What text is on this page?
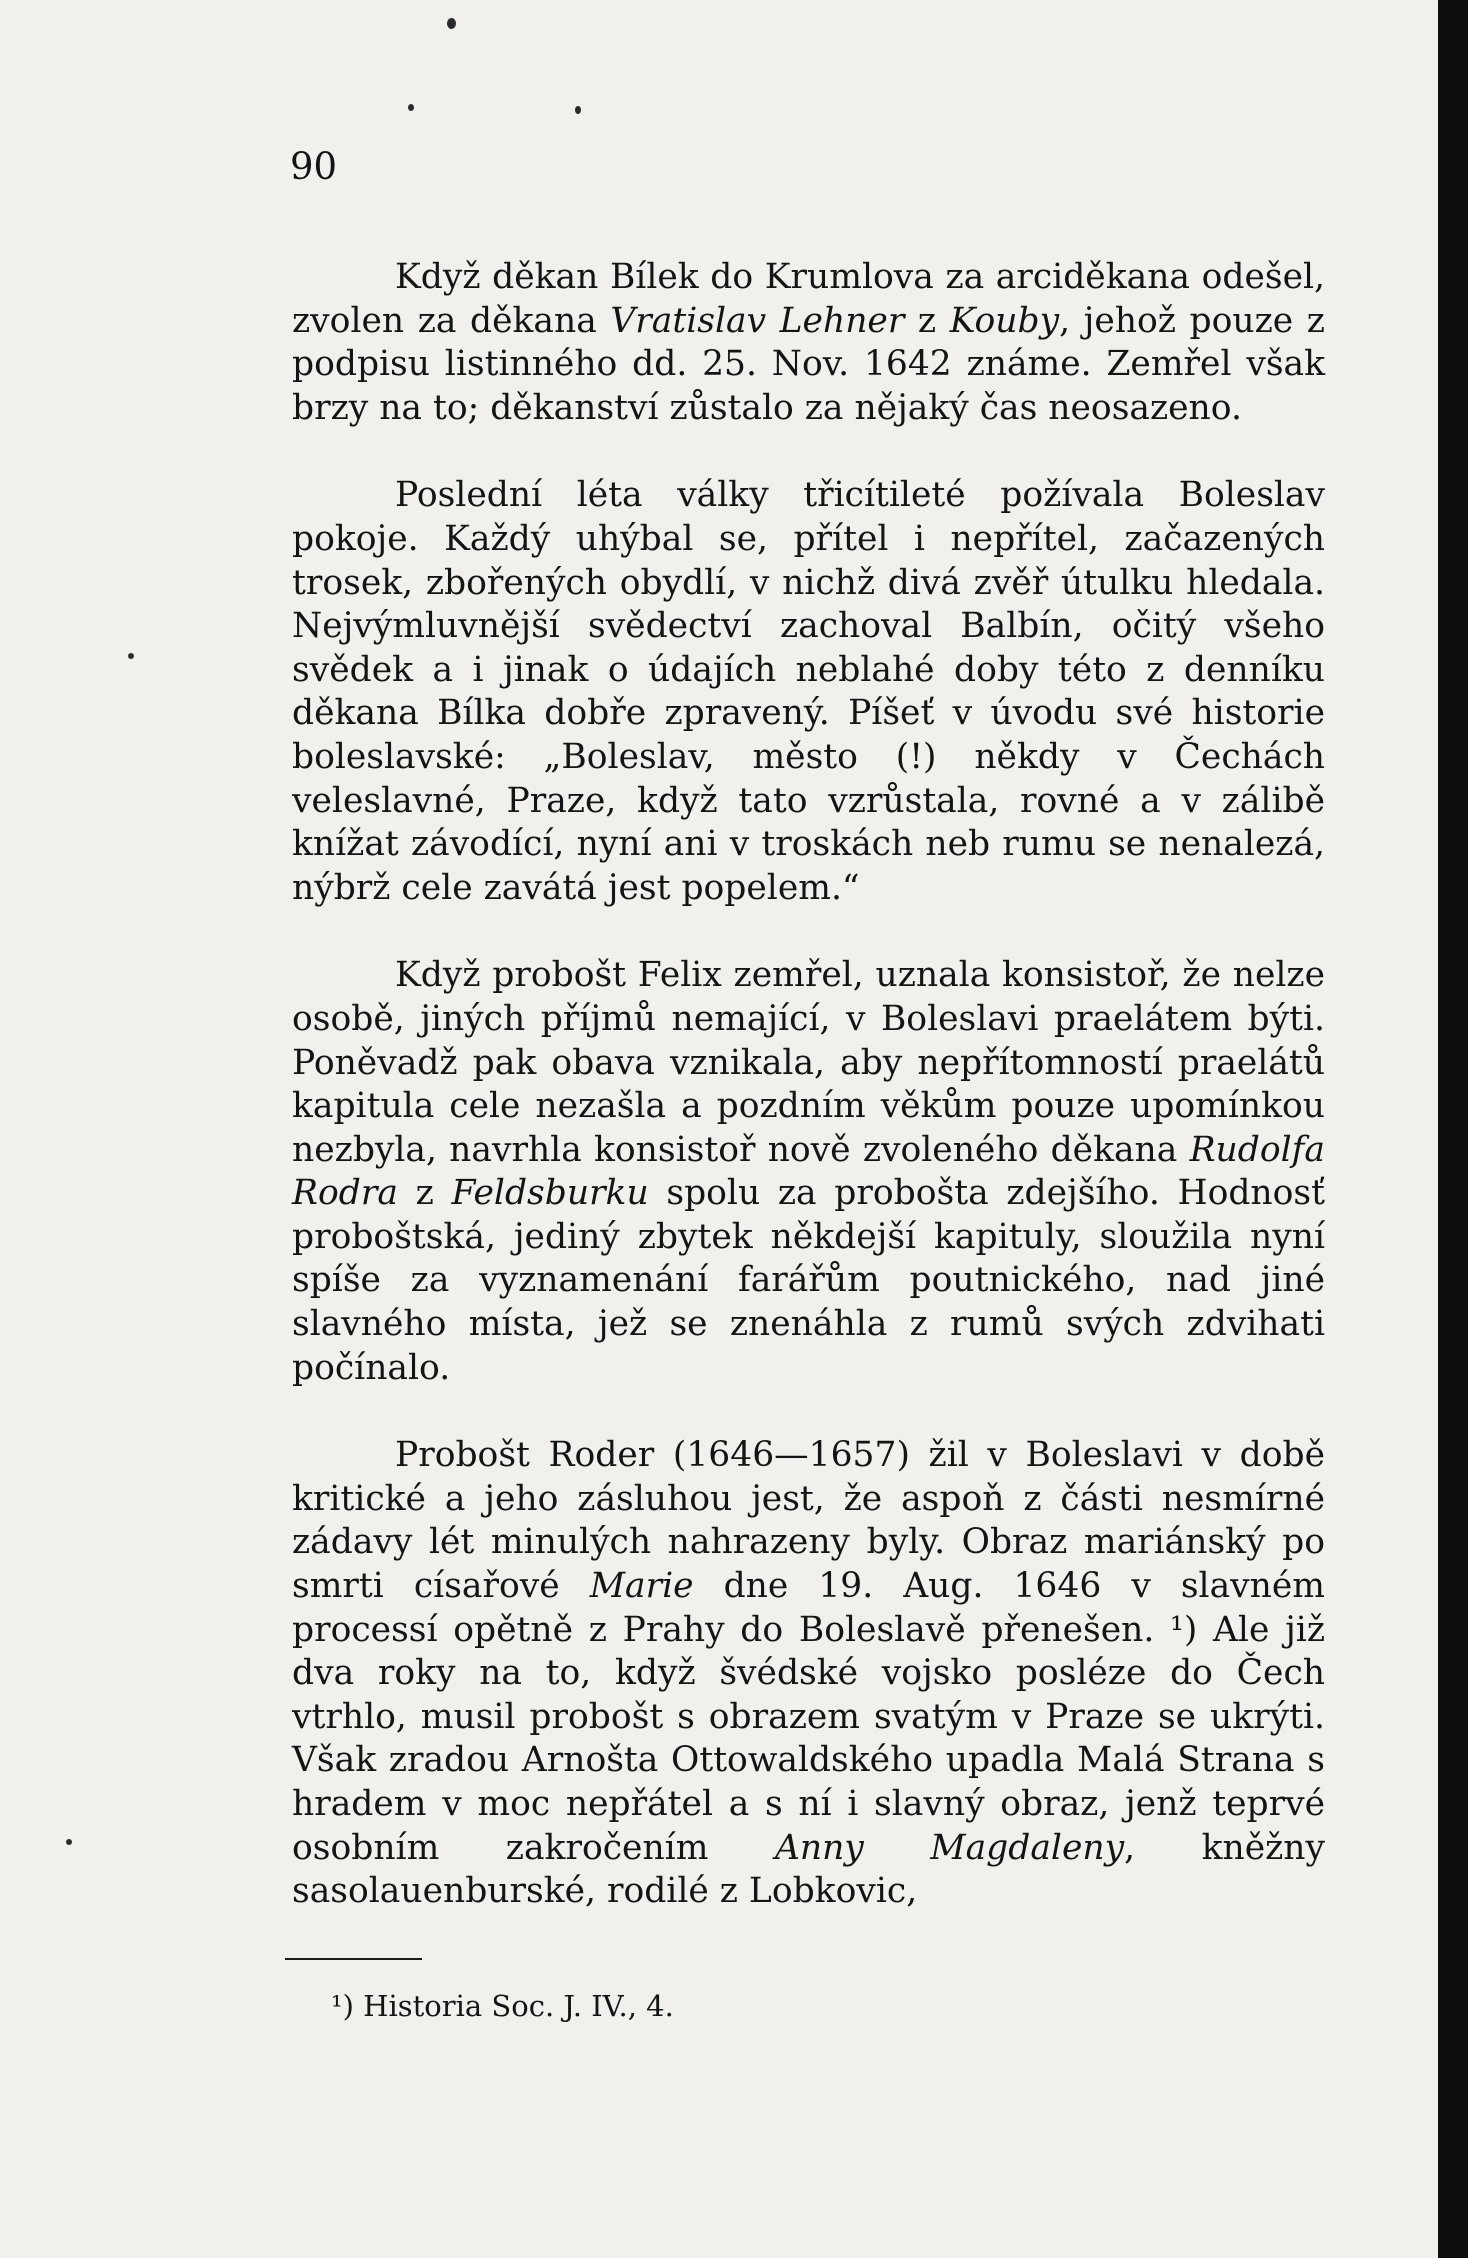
90

Když děkan Bílek do Krumlova za arciděkana odešel, zvolen za děkana Vratislav Lehner z Kouby, jehož pouze z podpisu listinného dd. 25. Nov. 1642 známe. Zemřel však brzy na to; děkanství zůstalo za nějaký čas neosazeno.

Poslední léta války třicítileté požívala Boleslav pokoje. Každý uhýbal se, přítel i nepřítel, začazených trosek, zbořených obydlí, v nichž divá zvěř útulku hledala. Nejvýmluvnější svědectví zachoval Balbín, očitý všeho svědek a i jinak o údajích neblahé doby této z denníku děkana Bílka dobře zpravený. Píšeť v úvodu své historie boleslavské: „Boleslav, město (!) někdy v Čechách veleslavné, Praze, když tato vzrůstala, rovné a v zálibě knížat závodící, nyní ani v troskách neb rumu se nenalezá, nýbrž cele zavátá jest popelem.“

Když probošt Felix zemřel, uznala konsistoř, že nelze osobě, jiných příjmů nemající, v Boleslavi praelátem býti. Poněvadž pak obava vznikala, aby nepřítomností praelátů kapitula cele nezašla a pozdním věkům pouze upomínkou nezbyla, navrhla konsistoř nově zvoleného děkana Rudolfa Rodra z Feldsburku spolu za probošta zdejšího. Hodnosť proboštská, jediný zbytek někdejší kapituly, sloužila nyní spíše za vyznamenání farářům poutnického, nad jiné slavného místa, jež se znenáhla z rumů svých zdvihati počínalo.

Probošt Roder (1646—1657) žil v Boleslavi v době kritické a jeho zásluhou jest, že aspoň z části nesmírné zádavy lét minulých nahrazeny byly. Obraz mariánský po smrti císařové Marie dne 19. Aug. 1646 v slavném processí opětně z Prahy do Boleslavě přenešen. ¹) Ale již dva roky na to, když švédské vojsko posléze do Čech vtrhlo, musil probošt s obrazem svatým v Praze se ukrýti. Však zradou Arnošta Ottowaldského upadla Malá Strana s hradem v moc nepřátel a s ní i slavný obraz, jenž teprvé osobním zakročením Anny Magdaleny, kněžny sasolauenburské, rodilé z Lobkovic,

¹) Historia Soc. J. IV., 4.
